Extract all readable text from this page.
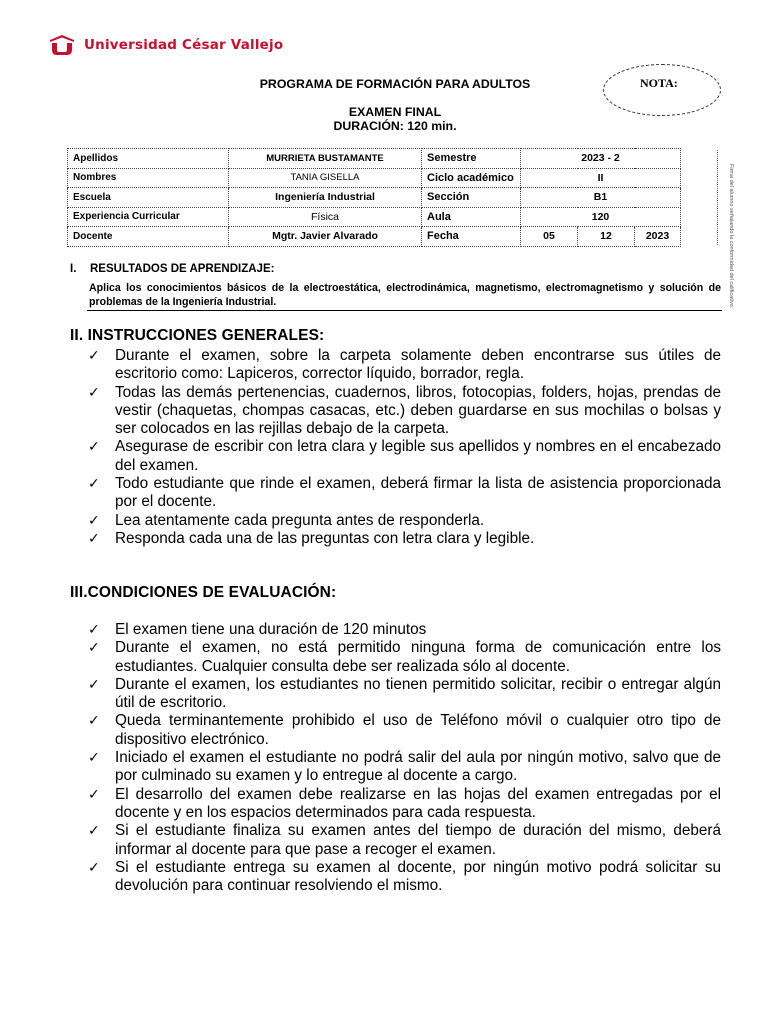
Universidad César Vallejo
NOTA:
PROGRAMA DE FORMACIÓN PARA ADULTOS
EXAMEN FINAL
DURACIÓN: 120 min.
Firma del alumno señalando la conformidad del calificativo.
Apellidos	MURRIETA BUSTAMANTE	Semestre	2023 - 2		
Nombres	TANIA GISELLA	Ciclo académico	II		
Escuela	Ingeniería Industrial	Sección	B1		
Experiencia Curricular	Física	Aula	120		
Docente	Mgtr. Javier Alvarado	Fecha	05	12	2023
I. RESULTADOS DE APRENDIZAJE:
Aplica los conocimientos básicos de la electroestática, electrodinámica, magnetismo, electromagnetismo y solución de problemas de la Ingeniería Industrial.
II. INSTRUCCIONES GENERALES:
✓ Durante el examen, sobre la carpeta solamente deben encontrarse sus útiles de escritorio como: Lapiceros, corrector líquido, borrador, regla.
✓ Todas las demás pertenencias, cuadernos, libros, fotocopias, folders, hojas, prendas de vestir (chaquetas, chompas casacas, etc.) deben guardarse en sus mochilas o bolsas y ser colocados en las rejillas debajo de la carpeta.
✓ Asegurase de escribir con letra clara y legible sus apellidos y nombres en el encabezado del examen.
✓ Todo estudiante que rinde el examen, deberá firmar la lista de asistencia proporcionada por el docente.
✓ Lea atentamente cada pregunta antes de responderla.
✓ Responda cada una de las preguntas con letra clara y legible.
III.CONDICIONES DE EVALUACIÓN:
✓ El examen tiene una duración de 120 minutos
✓ Durante el examen, no está permitido ninguna forma de comunicación entre los estudiantes. Cualquier consulta debe ser realizada sólo al docente.
✓ Durante el examen, los estudiantes no tienen permitido solicitar, recibir o entregar algún útil de escritorio.
✓ Queda terminantemente prohibido el uso de Teléfono móvil o cualquier otro tipo de dispositivo electrónico.
✓ Iniciado el examen el estudiante no podrá salir del aula por ningún motivo, salvo que de por culminado su examen y lo entregue al docente a cargo.
✓ El desarrollo del examen debe realizarse en las hojas del examen entregadas por el docente y en los espacios determinados para cada respuesta.
✓ Si el estudiante finaliza su examen antes del tiempo de duración del mismo, deberá informar al docente para que pase a recoger el examen.
✓ Si el estudiante entrega su examen al docente, por ningún motivo podrá solicitar su devolución para continuar resolviendo el mismo.
